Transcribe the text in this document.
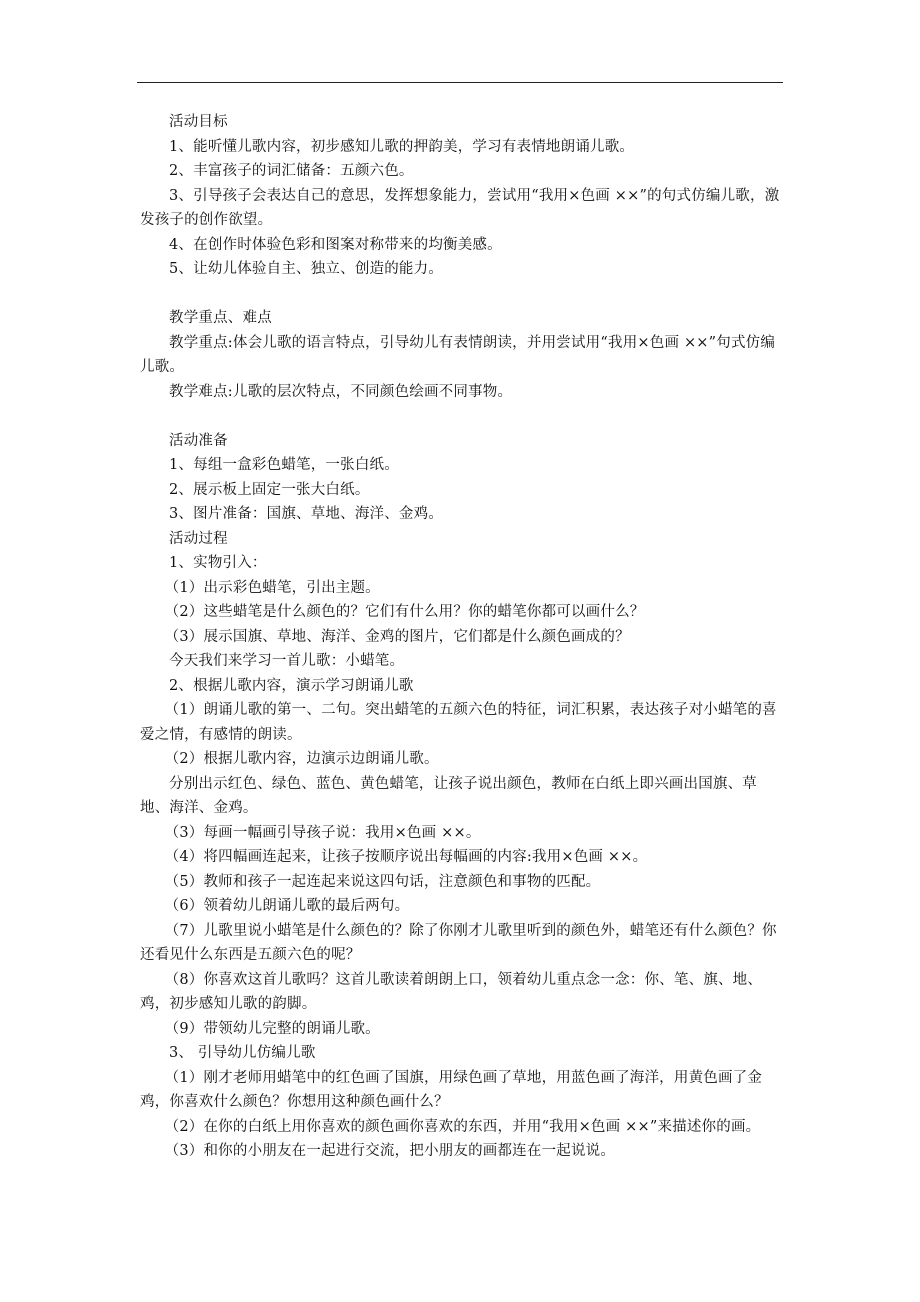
活动目标

1、能听懂儿歌内容，初步感知儿歌的押韵美，学习有表情地朗诵儿歌。

2、丰富孩子的词汇储备：五颜六色。

3、引导孩子会表达自己的意思，发挥想象能力，尝试用“我用×色画 ××”的句式仿编儿歌，激发孩子的创作欲望。

4、在创作时体验色彩和图案对称带来的均衡美感。

5、让幼儿体验自主、独立、创造的能力。

教学重点、难点

教学重点:体会儿歌的语言特点，引导幼儿有表情朗读，并用尝试用“我用×色画 ××”句式仿编儿歌。

教学难点:儿歌的层次特点，不同颜色绘画不同事物。

活动准备

1、每组一盒彩色蜡笔，一张白纸。

2、展示板上固定一张大白纸。

3、图片准备：国旗、草地、海洋、金鸡。

活动过程

1、实物引入：

（1）出示彩色蜡笔，引出主题。

（2）这些蜡笔是什么颜色的？它们有什么用？你的蜡笔你都可以画什么？

（3）展示国旗、草地、海洋、金鸡的图片，它们都是什么颜色画成的？

今天我们来学习一首儿歌：小蜡笔。

2、根据儿歌内容，演示学习朗诵儿歌

（1）朗诵儿歌的第一、二句。突出蜡笔的五颜六色的特征，词汇积累，表达孩子对小蜡笔的喜爱之情，有感情的朗读。

（2）根据儿歌内容，边演示边朗诵儿歌。

分别出示红色、绿色、蓝色、黄色蜡笔，让孩子说出颜色，教师在白纸上即兴画出国旗、草地、海洋、金鸡。

（3）每画一幅画引导孩子说：我用×色画 ××。

（4）将四幅画连起来，让孩子按顺序说出每幅画的内容:我用×色画 ××。

（5）教师和孩子一起连起来说这四句话，注意颜色和事物的匹配。

（6）领着幼儿朗诵儿歌的最后两句。

（7）儿歌里说小蜡笔是什么颜色的？除了你刚才儿歌里听到的颜色外，蜡笔还有什么颜色？你还看见什么东西是五颜六色的呢？

（8）你喜欢这首儿歌吗？这首儿歌读着朗朗上口，领着幼儿重点念一念：你、笔、旗、地、鸡，初步感知儿歌的韵脚。

（9）带领幼儿完整的朗诵儿歌。

3、 引导幼儿仿编儿歌

（1）刚才老师用蜡笔中的红色画了国旗，用绿色画了草地，用蓝色画了海洋，用黄色画了金鸡，你喜欢什么颜色？你想用这种颜色画什么？

（2）在你的白纸上用你喜欢的颜色画你喜欢的东西，并用“我用×色画 ××”来描述你的画。

（3）和你的小朋友在一起进行交流，把小朋友的画都连在一起说说。
